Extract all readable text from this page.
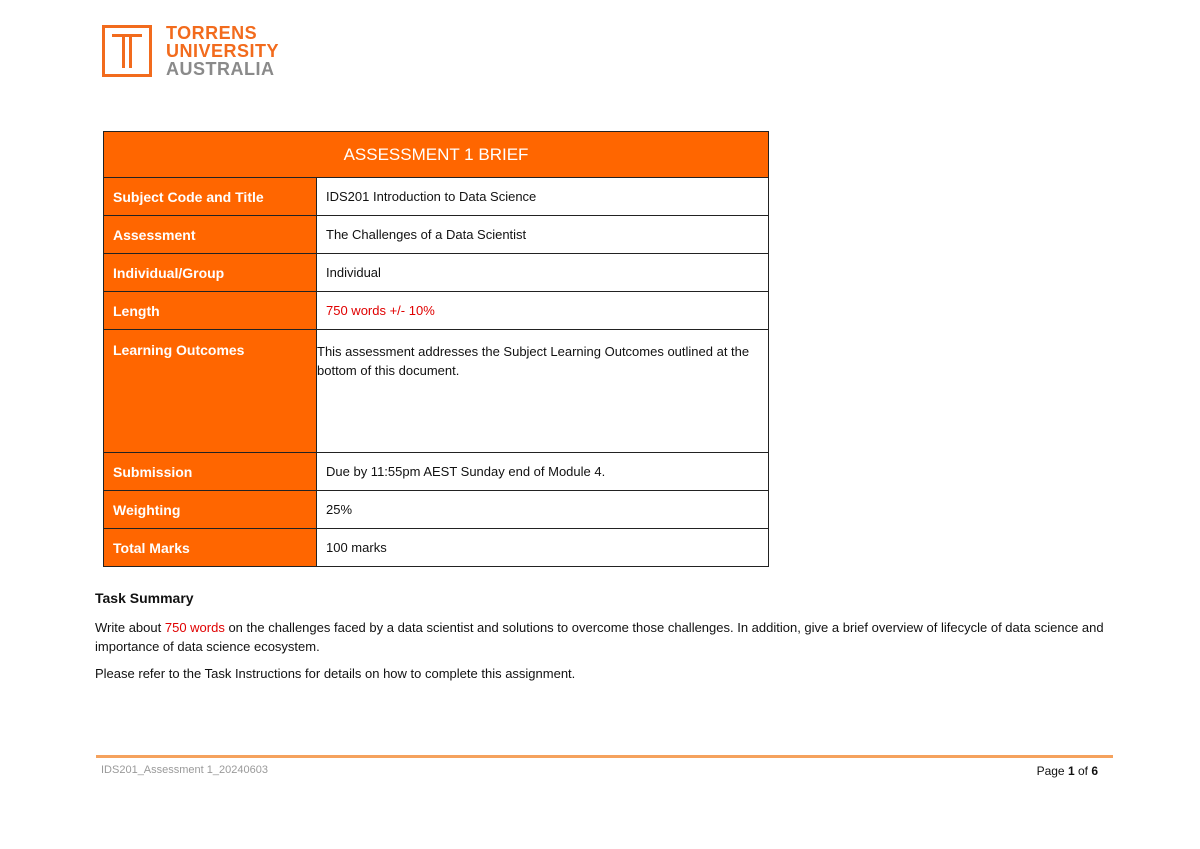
TORRENS
UNIVERSITY
AUSTRALIA
ASSESSMENT 1 BRIEF	
Subject Code and Title	IDS201 Introduction to Data Science
Assessment	The Challenges of a Data Scientist
Individual/Group	Individual
Length	750 words +/- 10%
Learning Outcomes	This assessment addresses the Subject Learning Outcomes outlined at the bottom of this document.
Submission	Due by 11:55pm AEST Sunday end of Module 4.
Weighting	25%
Total Marks	100 marks
Task Summary

Write about 750 words on the challenges faced by a data scientist and solutions to overcome those challenges. In addition, give a brief overview of lifecycle of data science and importance of data science ecosystem.

Please refer to the Task Instructions for details on how to complete this assignment.

IDS201_Assessment 1_20240603	Page 1 of 6
